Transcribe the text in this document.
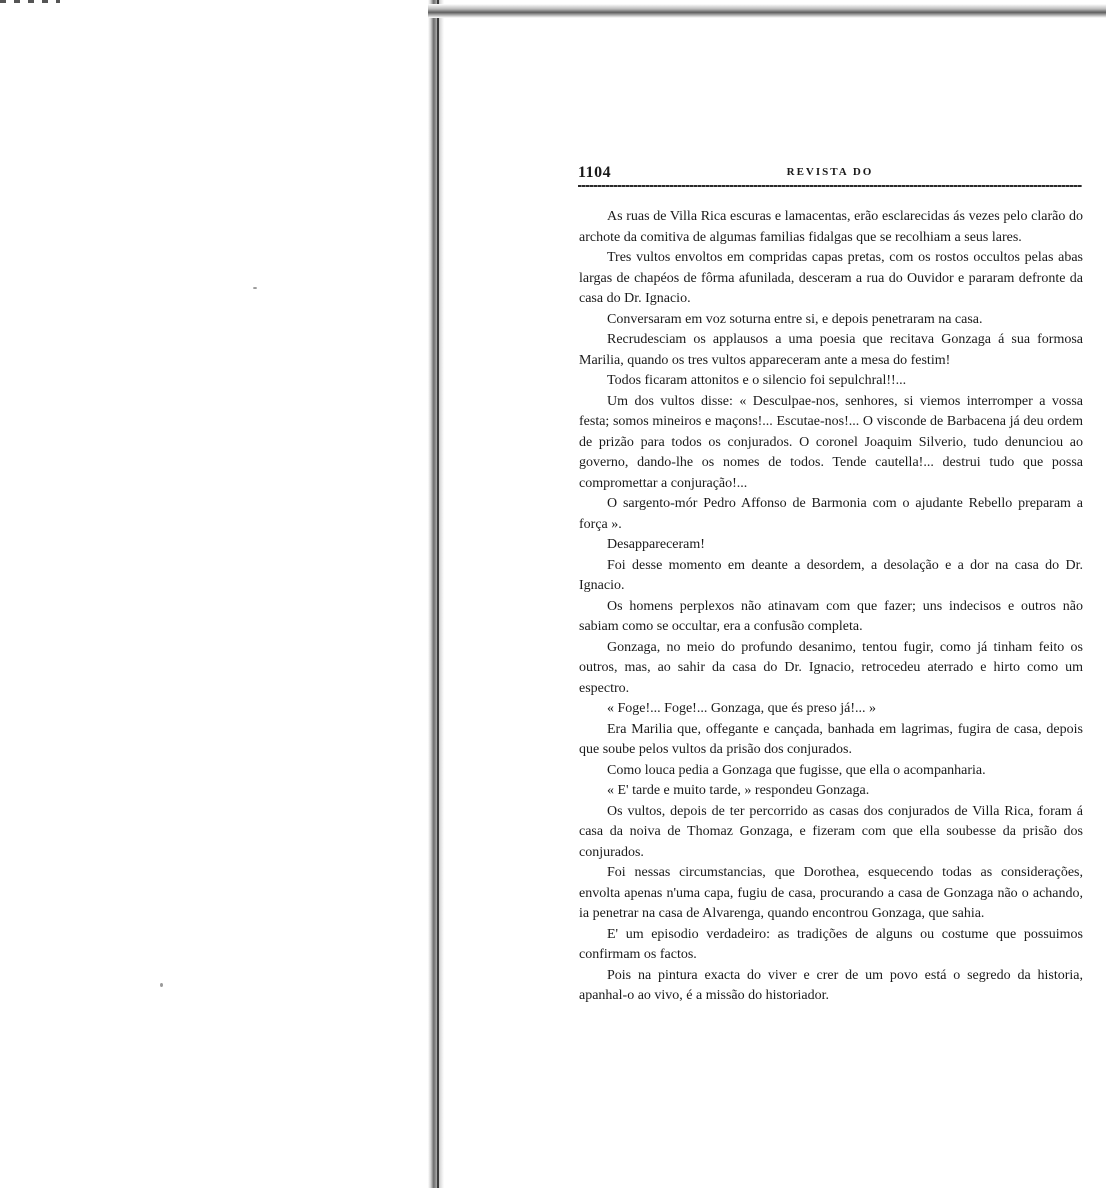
1104	REVISTA DO

As ruas de Villa Rica escuras e lamacentas, erão esclarecidas ás vezes pelo clarão do archote da comitiva de algumas familias fidalgas que se recolhiam a seus lares.

Tres vultos envoltos em compridas capas pretas, com os rostos occultos pelas abas largas de chapéos de fôrma afunilada, desceram a rua do Ouvidor e pararam defronte da casa do Dr. Ignacio.

Conversaram em voz soturna entre si, e depois penetraram na casa.

Recrudesciam os applausos a uma poesia que recitava Gonzaga á sua formosa Marilia, quando os tres vultos appareceram ante a mesa do festim!

Todos ficaram attonitos e o silencio foi sepulchral!!...

Um dos vultos disse: « Desculpae-nos, senhores, si viemos interromper a vossa festa; somos mineiros e maçons!... Escutae-nos!... O visconde de Barbacena já deu ordem de prizão para todos os conjurados. O coronel Joaquim Silverio, tudo denunciou ao governo, dando-lhe os nomes de todos. Tende cautella!... destrui tudo que possa compromettar a conjuração!...

O sargento-mór Pedro Affonso de Barmonia com o ajudante Rebello preparam a força ».

Desappareceram!

Foi desse momento em deante a desordem, a desolação e a dor na casa do Dr. Ignacio.

Os homens perplexos não atinavam com que fazer; uns indecisos e outros não sabiam como se occultar, era a confusão completa.

Gonzaga, no meio do profundo desanimo, tentou fugir, como já tinham feito os outros, mas, ao sahir da casa do Dr. Ignacio, retrocedeu aterrado e hirto como um espectro.

« Foge!... Foge!... Gonzaga, que és preso já!... »

Era Marilia que, offegante e cançada, banhada em lagrimas, fugira de casa, depois que soube pelos vultos da prisão dos conjurados.

Como louca pedia a Gonzaga que fugisse, que ella o acompanharia.

« E' tarde e muito tarde, » respondeu Gonzaga.

Os vultos, depois de ter percorrido as casas dos conjurados de Villa Rica, foram á casa da noiva de Thomaz Gonzaga, e fizeram com que ella soubesse da prisão dos conjurados.

Foi nessas circumstancias, que Dorothea, esquecendo todas as considerações, envolta apenas n'uma capa, fugiu de casa, procurando a casa de Gonzaga não o achando, ia penetrar na casa de Alvarenga, quando encontrou Gonzaga, que sahia.

E' um episodio verdadeiro: as tradições de alguns ou costume que possuimos confirmam os factos.

Pois na pintura exacta do viver e crer de um povo está o segredo da historia, apanhal-o ao vivo, é a missão do historiador.
